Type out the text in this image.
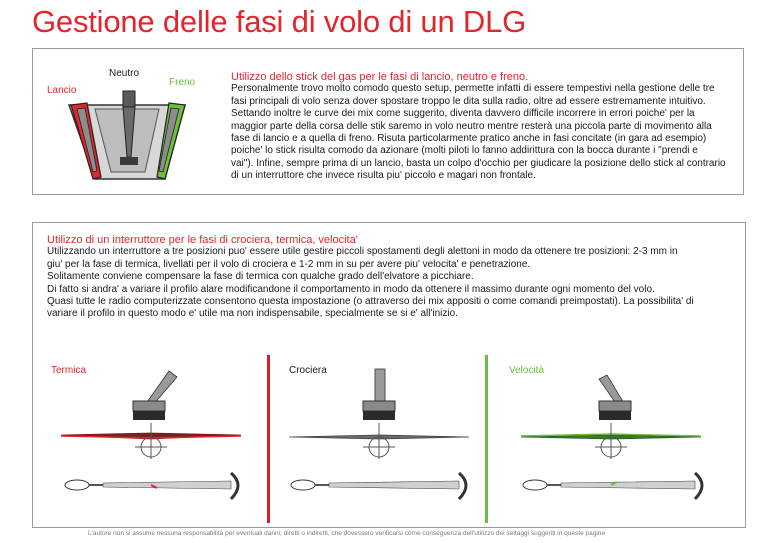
Gestione delle fasi di volo di un DLG
Lancio
Neutro
Freno	Utilizzo dello stick del gas per le fasi di lancio, neutro e freno.
Personalmente trovo molto comodo questo setup, permette infatti di essere tempestivi nella gestione delle tre
fasi principali di volo senza dover spostare troppo le dita sulla radio, oltre ad essere estremamente intuitivo.
Settando inoltre le curve dei mix come suggerito, diventa davvero difficile incorrere in errori poiche' per la
maggior parte della corsa delle stik saremo in volo neutro mentre resterà una piccola parte di movimento alla
fase di lancio e a quella di freno. Risuta particolarmente pratico anche in fasi concitate (in gara ad esempio)
poiche' lo stick risulta comodo da azionare (molti piloti lo fanno addirittura con la bocca durante i "prendi e
vai"). Infine, sempre prima di un lancio, basta un colpo d'occhio per giudicare la posizione dello stick al contrario
di un interruttore che invece risulta piu' piccolo e magari non frontale.
Utilizzo di un interruttore per le fasi di crociera, termica, velocita'
Utilizzando un interruttore a tre posizioni puo' essere utile gestire piccoli spostamenti degli alettoni in modo da ottenere tre posizioni: 2-3 mm in
giu' per la fase di termica, livellati per il volo di crociera e 1-2 mm in su per avere piu' velocita' e penetrazione.
Solitamente conviene compensare la fase di termica con qualche grado dell'elvatore a picchiare.
Di fatto si andra' a variare il profilo alare modificandone il comportamento in modo da ottenere il massimo durante ogni momento del volo.
Quasi tutte le radio computerizzate consentono questa impostazione (o attraverso dei mix appositi o come comandi preimpostati). La possibilita' di
variare il profilo in questo modo e' utile ma non indispensabile, specialmente se si e' all'inizio.
Termica	Crociera	Velocità
L'autore non si assume nessuna responsabilità per eventuali danni, diretti o indiretti, che dovessero verificarsi come conseguenza dell'utilizzo dei settaggi suggeriti in queste pagine
